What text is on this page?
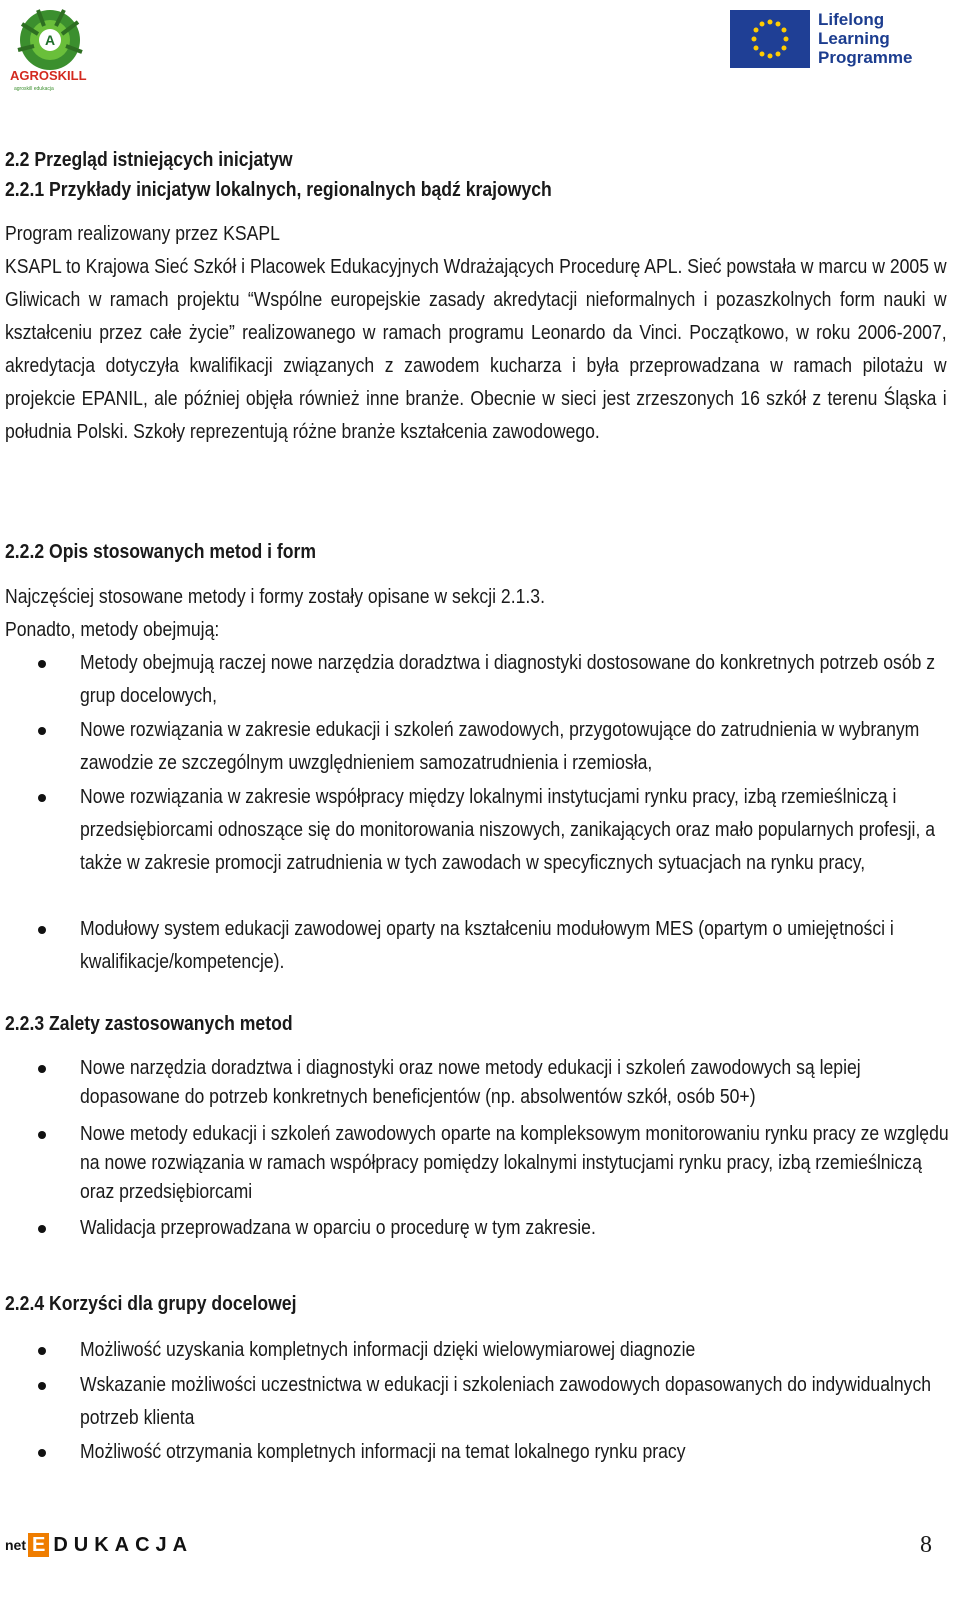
A
AGROSKILL
agroskill edukacja
Lifelong
Learning
Programme
2.2 Przegląd istniejących inicjatyw
2.2.1 Przykłady inicjatyw lokalnych, regionalnych bądź krajowych
Program realizowany przez KSAPL
KSAPL to Krajowa Sieć Szkół i Placowek Edukacyjnych Wdrażających Procedurę APL. Sieć powstała w marcu w 2005 w Gliwicach w ramach projektu “Wspólne europejskie zasady akredytacji nieformalnych i pozaszkolnych form nauki w kształceniu przez całe życie” realizowanego w ramach programu Leonardo da Vinci. Początkowo, w roku 2006-2007, akredytacja dotyczyła kwalifikacji związanych z zawodem kucharza i była przeprowadzana w ramach pilotażu w projekcie EPANIL, ale później objęła również inne branże. Obecnie w sieci jest zrzeszonych 16 szkół z terenu Śląska i południa Polski. Szkoły reprezentują różne branże kształcenia zawodowego.
2.2.2 Opis stosowanych metod i form
Najczęściej stosowane metody i formy zostały opisane w sekcji 2.1.3.
Ponadto, metody obejmują:
Metody obejmują raczej nowe narzędzia doradztwa i diagnostyki dostosowane do konkretnych potrzeb osób z grup docelowych,
Nowe rozwiązania w zakresie edukacji i szkoleń zawodowych, przygotowujące do zatrudnienia w wybranym zawodzie ze szczególnym uwzględnieniem samozatrudnienia i rzemiosła,
Nowe rozwiązania w zakresie współpracy między lokalnymi instytucjami rynku pracy, izbą rzemieślniczą i przedsiębiorcami odnoszące się do monitorowania niszowych, zanikających oraz mało popularnych profesji, a także w zakresie promocji zatrudnienia w tych zawodach w specyficznych sytuacjach na rynku pracy,
Modułowy system edukacji zawodowej oparty na kształceniu modułowym MES (opartym o umiejętności i kwalifikacje/kompetencje).
2.2.3 Zalety zastosowanych metod
Nowe narzędzia doradztwa i diagnostyki oraz nowe metody edukacji i szkoleń zawodowych są lepiej dopasowane do potrzeb konkretnych beneficjentów (np. absolwentów szkół, osób 50+)
Nowe metody edukacji i szkoleń zawodowych oparte na kompleksowym monitorowaniu rynku pracy ze względu na nowe rozwiązania w ramach współpracy pomiędzy lokalnymi instytucjami rynku pracy, izbą rzemieślniczą oraz przedsiębiorcami
Walidacja przeprowadzana w oparciu o procedurę w tym zakresie.
2.2.4 Korzyści dla grupy docelowej
Możliwość uzyskania kompletnych informacji dzięki wielowymiarowej diagnozie
Wskazanie możliwości uczestnictwa w edukacji i szkoleniach zawodowych dopasowanych do indywidualnych potrzeb klienta
Możliwość otrzymania kompletnych informacji na temat lokalnego rynku pracy
net E DUKACJA	8
